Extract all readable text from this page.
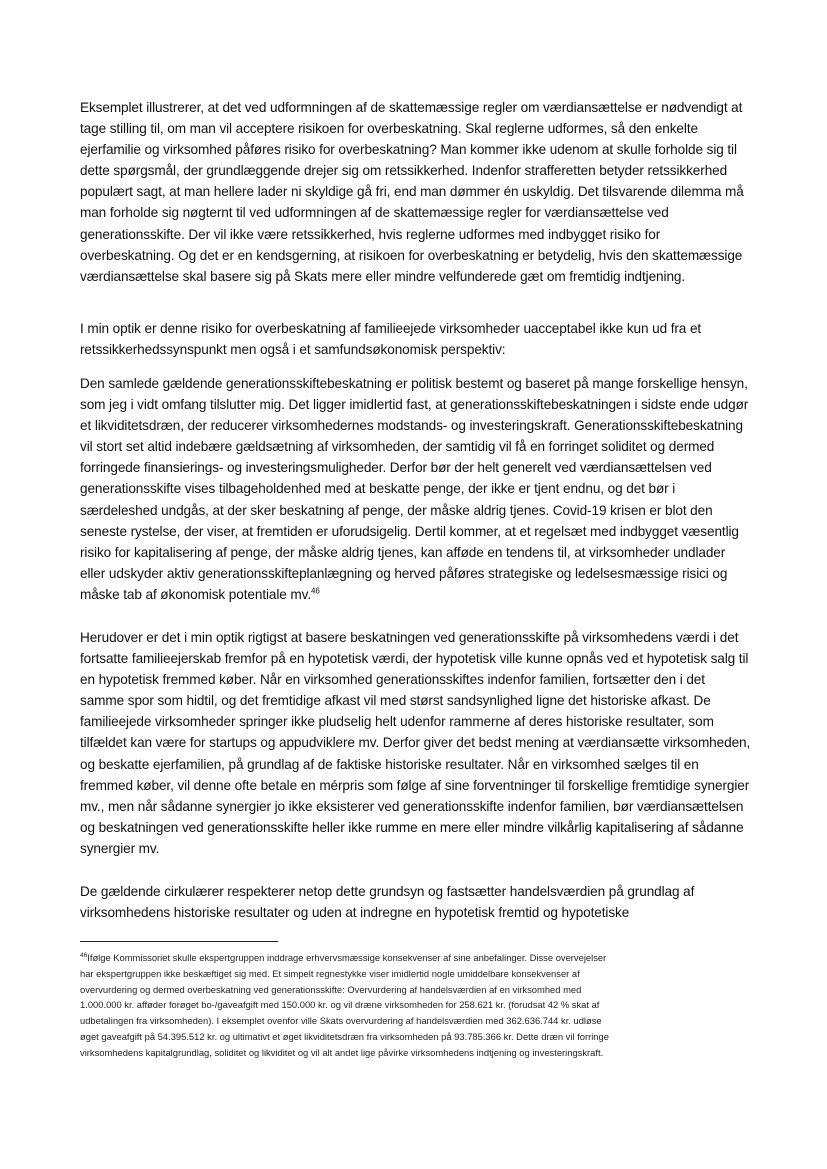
Eksemplet illustrerer, at det ved udformningen af de skattemæssige regler om værdiansættelse er nødvendigt at tage stilling til, om man vil acceptere risikoen for overbeskatning. Skal reglerne udformes, så den enkelte ejerfamilie og virksomhed påføres risiko for overbeskatning? Man kommer ikke udenom at skulle forholde sig til dette spørgsmål, der grundlæggende drejer sig om retssikkerhed. Indenfor strafferetten betyder retssikkerhed populært sagt, at man hellere lader ni skyldige gå fri, end man dømmer én uskyldig. Det tilsvarende dilemma må man forholde sig nøgternt til ved udformningen af de skattemæssige regler for værdiansættelse ved generationsskifte. Der vil ikke være retssikkerhed, hvis reglerne udformes med indbygget risiko for overbeskatning. Og det er en kendsgerning, at risikoen for overbeskatning er betydelig, hvis den skattemæssige værdiansættelse skal basere sig på Skats mere eller mindre velfunderede gæt om fremtidig indtjening.

I min optik er denne risiko for overbeskatning af familieejede virksomheder uacceptabel ikke kun ud fra et retssikkerhedssynspunkt men også i et samfundsøkonomisk perspektiv:

Den samlede gældende generationsskiftebeskatning er politisk bestemt og baseret på mange forskellige hensyn, som jeg i vidt omfang tilslutter mig. Det ligger imidlertid fast, at generationsskiftebeskatningen i sidste ende udgør et likviditetsdræn, der reducerer virksomhedernes modstands- og investeringskraft. Generationsskiftebeskatning vil stort set altid indebære gældsætning af virksomheden, der samtidig vil få en forringet soliditet og dermed forringede finansierings- og investeringsmuligheder. Derfor bør der helt generelt ved værdiansættelsen ved generationsskifte vises tilbageholdenhed med at beskatte penge, der ikke er tjent endnu, og det bør i særdeleshed undgås, at der sker beskatning af penge, der måske aldrig tjenes. Covid-19 krisen er blot den seneste rystelse, der viser, at fremtiden er uforudsigelig. Dertil kommer, at et regelsæt med indbygget væsentlig risiko for kapitalisering af penge, der måske aldrig tjenes, kan afføde en tendens til, at virksomheder undlader eller udskyder aktiv generationsskifteplanlægning og herved påføres strategiske og ledelsesmæssige risici og måske tab af økonomisk potentiale mv.$^{46}$

Herudover er det i min optik rigtigst at basere beskatningen ved generationsskifte på virksomhedens værdi i det fortsatte familieejerskab fremfor på en hypotetisk værdi, der hypotetisk ville kunne opnås ved et hypotetisk salg til en hypotetisk fremmed køber. Når en virksomhed generationsskiftes indenfor familien, fortsætter den i det samme spor som hidtil, og det fremtidige afkast vil med størst sandsynlighed ligne det historiske afkast. De familieejede virksomheder springer ikke pludselig helt udenfor rammerne af deres historiske resultater, som tilfældet kan være for startups og appudviklere mv. Derfor giver det bedst mening at værdiansætte virksomheden, og beskatte ejerfamilien, på grundlag af de faktiske historiske resultater. Når en virksomhed sælges til en fremmed køber, vil denne ofte betale en mérpris som følge af sine forventninger til forskellige fremtidige synergier mv., men når sådanne synergier jo ikke eksisterer ved generationsskifte indenfor familien, bør værdiansættelsen og beskatningen ved generationsskifte heller ikke rumme en mere eller mindre vilkårlig kapitalisering af sådanne synergier mv.

De gældende cirkulærer respekterer netop dette grundsyn og fastsætter handelsværdien på grundlag af virksomhedens historiske resultater og uden at indregne en hypotetisk fremtid og hypotetiske

$^{46}$Ifølge Kommissoriet skulle ekspertgruppen inddrage erhvervsmæssige konsekvenser af sine anbefalinger. Disse overvejelser har ekspertgruppen ikke beskæftiget sig med. Et simpelt regnestykke viser imidlertid nogle umiddelbare konsekvenser af overvurdering og dermed overbeskatning ved generationsskifte: Overvurdering af handelsværdien af en virksomhed med 1.000.000 kr. afføder forøget bo-/gaveafgift med 150.000 kr. og vil dræne virksomheden for 258.621 kr. (forudsat 42 % skat af udbetalingen fra virksomheden). I eksemplet ovenfor ville Skats overvurdering af handelsværdien med 362.636.744 kr. udløse øget gaveafgift på 54.395.512 kr. og ultimativt et øget likviditetsdræn fra virksomheden på 93.785.366 kr. Dette dræn vil forringe virksomhedens kapitalgrundlag, soliditet og likviditet og vil alt andet lige påvirke virksomhedens indtjening og investeringskraft.
